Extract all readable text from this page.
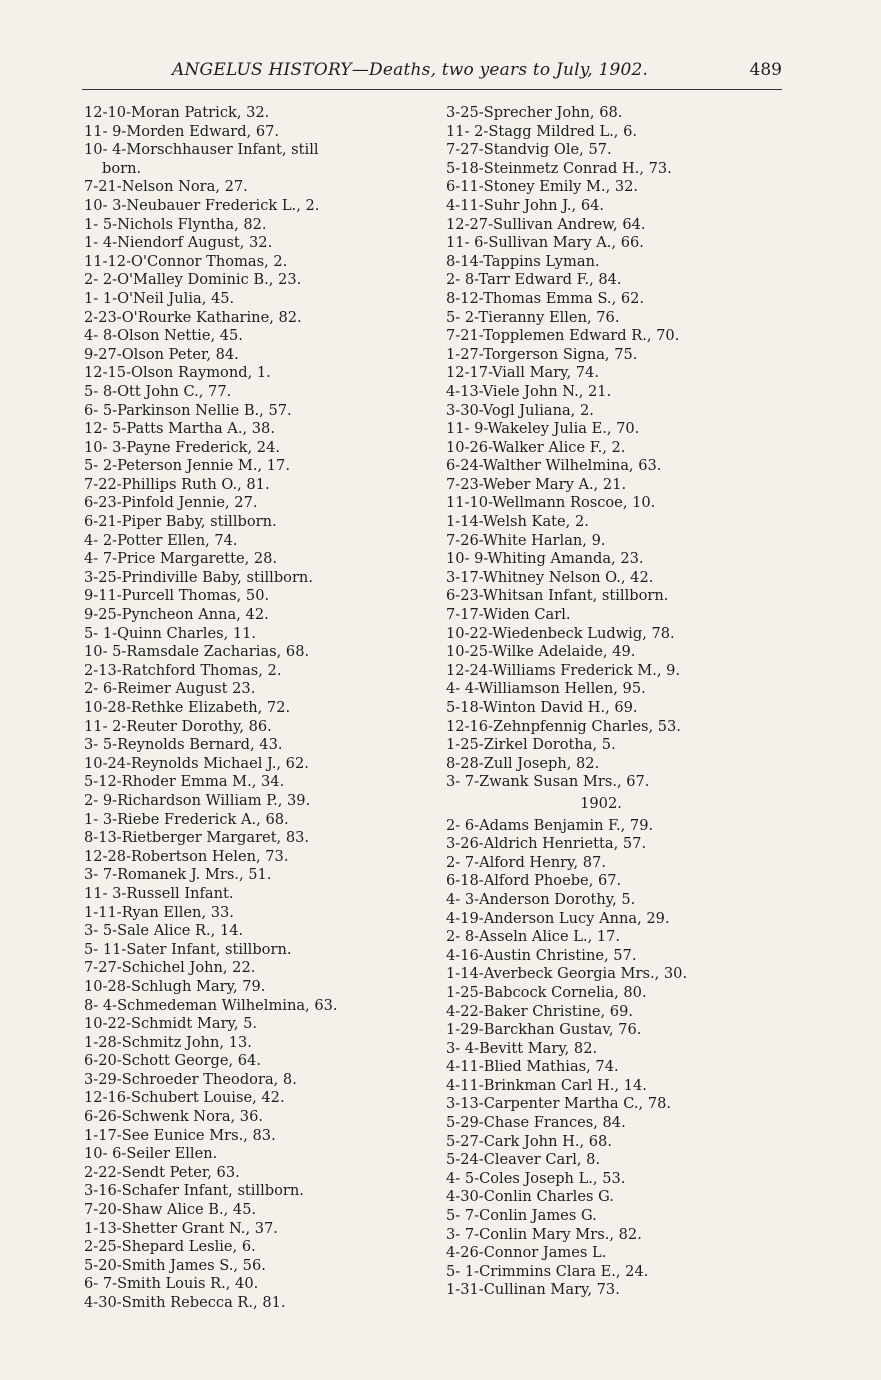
ANGELUS HISTORY—Deaths, two years to July, 1902.	489
12-10-Moran Patrick, 32.
11- 9-Morden Edward, 67.
10- 4-Morschhauser Infant, still
born.
7-21-Nelson Nora, 27.
10- 3-Neubauer Frederick L., 2.
1- 5-Nichols Flyntha, 82.
1- 4-Niendorf August, 32.
11-12-O'Connor Thomas, 2.
2- 2-O'Malley Dominic B., 23.
1- 1-O'Neil Julia, 45.
2-23-O'Rourke Katharine, 82.
4- 8-Olson Nettie, 45.
9-27-Olson Peter, 84.
12-15-Olson Raymond, 1.
5- 8-Ott John C., 77.
6- 5-Parkinson Nellie B., 57.
12- 5-Patts Martha A., 38.
10- 3-Payne Frederick, 24.
5- 2-Peterson Jennie M., 17.
7-22-Phillips Ruth O., 81.
6-23-Pinfold Jennie, 27.
6-21-Piper Baby, stillborn.
4- 2-Potter Ellen, 74.
4- 7-Price Margarette, 28.
3-25-Prindiville Baby, stillborn.
9-11-Purcell Thomas, 50.
9-25-Pyncheon Anna, 42.
5- 1-Quinn Charles, 11.
10- 5-Ramsdale Zacharias, 68.
2-13-Ratchford Thomas, 2.
2- 6-Reimer August 23.
10-28-Rethke Elizabeth, 72.
11- 2-Reuter Dorothy, 86.
3- 5-Reynolds Bernard, 43.
10-24-Reynolds Michael J., 62.
5-12-Rhoder Emma M., 34.
2- 9-Richardson William P., 39.
1- 3-Riebe Frederick A., 68.
8-13-Rietberger Margaret, 83.
12-28-Robertson Helen, 73.
3- 7-Romanek J. Mrs., 51.
11- 3-Russell Infant.
1-11-Ryan Ellen, 33.
3- 5-Sale Alice R., 14.
5- 11-Sater Infant, stillborn.
7-27-Schichel John, 22.
10-28-Schlugh Mary, 79.
8- 4-Schmedeman Wilhelmina, 63.
10-22-Schmidt Mary, 5.
1-28-Schmitz John, 13.
6-20-Schott George, 64.
3-29-Schroeder Theodora, 8.
12-16-Schubert Louise, 42.
6-26-Schwenk Nora, 36.
1-17-See Eunice Mrs., 83.
10- 6-Seiler Ellen.
2-22-Sendt Peter, 63.
3-16-Schafer Infant, stillborn.
7-20-Shaw Alice B., 45.
1-13-Shetter Grant N., 37.
2-25-Shepard Leslie, 6.
5-20-Smith James S., 56.
6- 7-Smith Louis R., 40.
4-30-Smith Rebecca R., 81.
3-25-Sprecher John, 68.
11- 2-Stagg Mildred L., 6.
7-27-Standvig Ole, 57.
5-18-Steinmetz Conrad H., 73.
6-11-Stoney Emily M., 32.
4-11-Suhr John J., 64.
12-27-Sullivan Andrew, 64.
11- 6-Sullivan Mary A., 66.
8-14-Tappins Lyman.
2- 8-Tarr Edward F., 84.
8-12-Thomas Emma S., 62.
5- 2-Tieranny Ellen, 76.
7-21-Topplemen Edward R., 70.
1-27-Torgerson Signa, 75.
12-17-Viall Mary, 74.
4-13-Viele John N., 21.
3-30-Vogl Juliana, 2.
11- 9-Wakeley Julia E., 70.
10-26-Walker Alice F., 2.
6-24-Walther Wilhelmina, 63.
7-23-Weber Mary A., 21.
11-10-Wellmann Roscoe, 10.
1-14-Welsh Kate, 2.
7-26-White Harlan, 9.
10- 9-Whiting Amanda, 23.
3-17-Whitney Nelson O., 42.
6-23-Whitsan Infant, stillborn.
7-17-Widen Carl.
10-22-Wiedenbeck Ludwig, 78.
10-25-Wilke Adelaide, 49.
12-24-Williams Frederick M., 9.
4- 4-Williamson Hellen, 95.
5-18-Winton David H., 69.
12-16-Zehnpfennig Charles, 53.
1-25-Zirkel Dorotha, 5.
8-28-Zull Joseph, 82.
3- 7-Zwank Susan Mrs., 67.
1902.
2- 6-Adams Benjamin F., 79.
3-26-Aldrich Henrietta, 57.
2- 7-Alford Henry, 87.
6-18-Alford Phoebe, 67.
4- 3-Anderson Dorothy, 5.
4-19-Anderson Lucy Anna, 29.
2- 8-Asseln Alice L., 17.
4-16-Austin Christine, 57.
1-14-Averbeck Georgia Mrs., 30.
1-25-Babcock Cornelia, 80.
4-22-Baker Christine, 69.
1-29-Barckhan Gustav, 76.
3- 4-Bevitt Mary, 82.
4-11-Blied Mathias, 74.
4-11-Brinkman Carl H., 14.
3-13-Carpenter Martha C., 78.
5-29-Chase Frances, 84.
5-27-Cark John H., 68.
5-24-Cleaver Carl, 8.
4- 5-Coles Joseph L., 53.
4-30-Conlin Charles G.
5- 7-Conlin James G.
3- 7-Conlin Mary Mrs., 82.
4-26-Connor James L.
5- 1-Crimmins Clara E., 24.
1-31-Cullinan Mary, 73.
